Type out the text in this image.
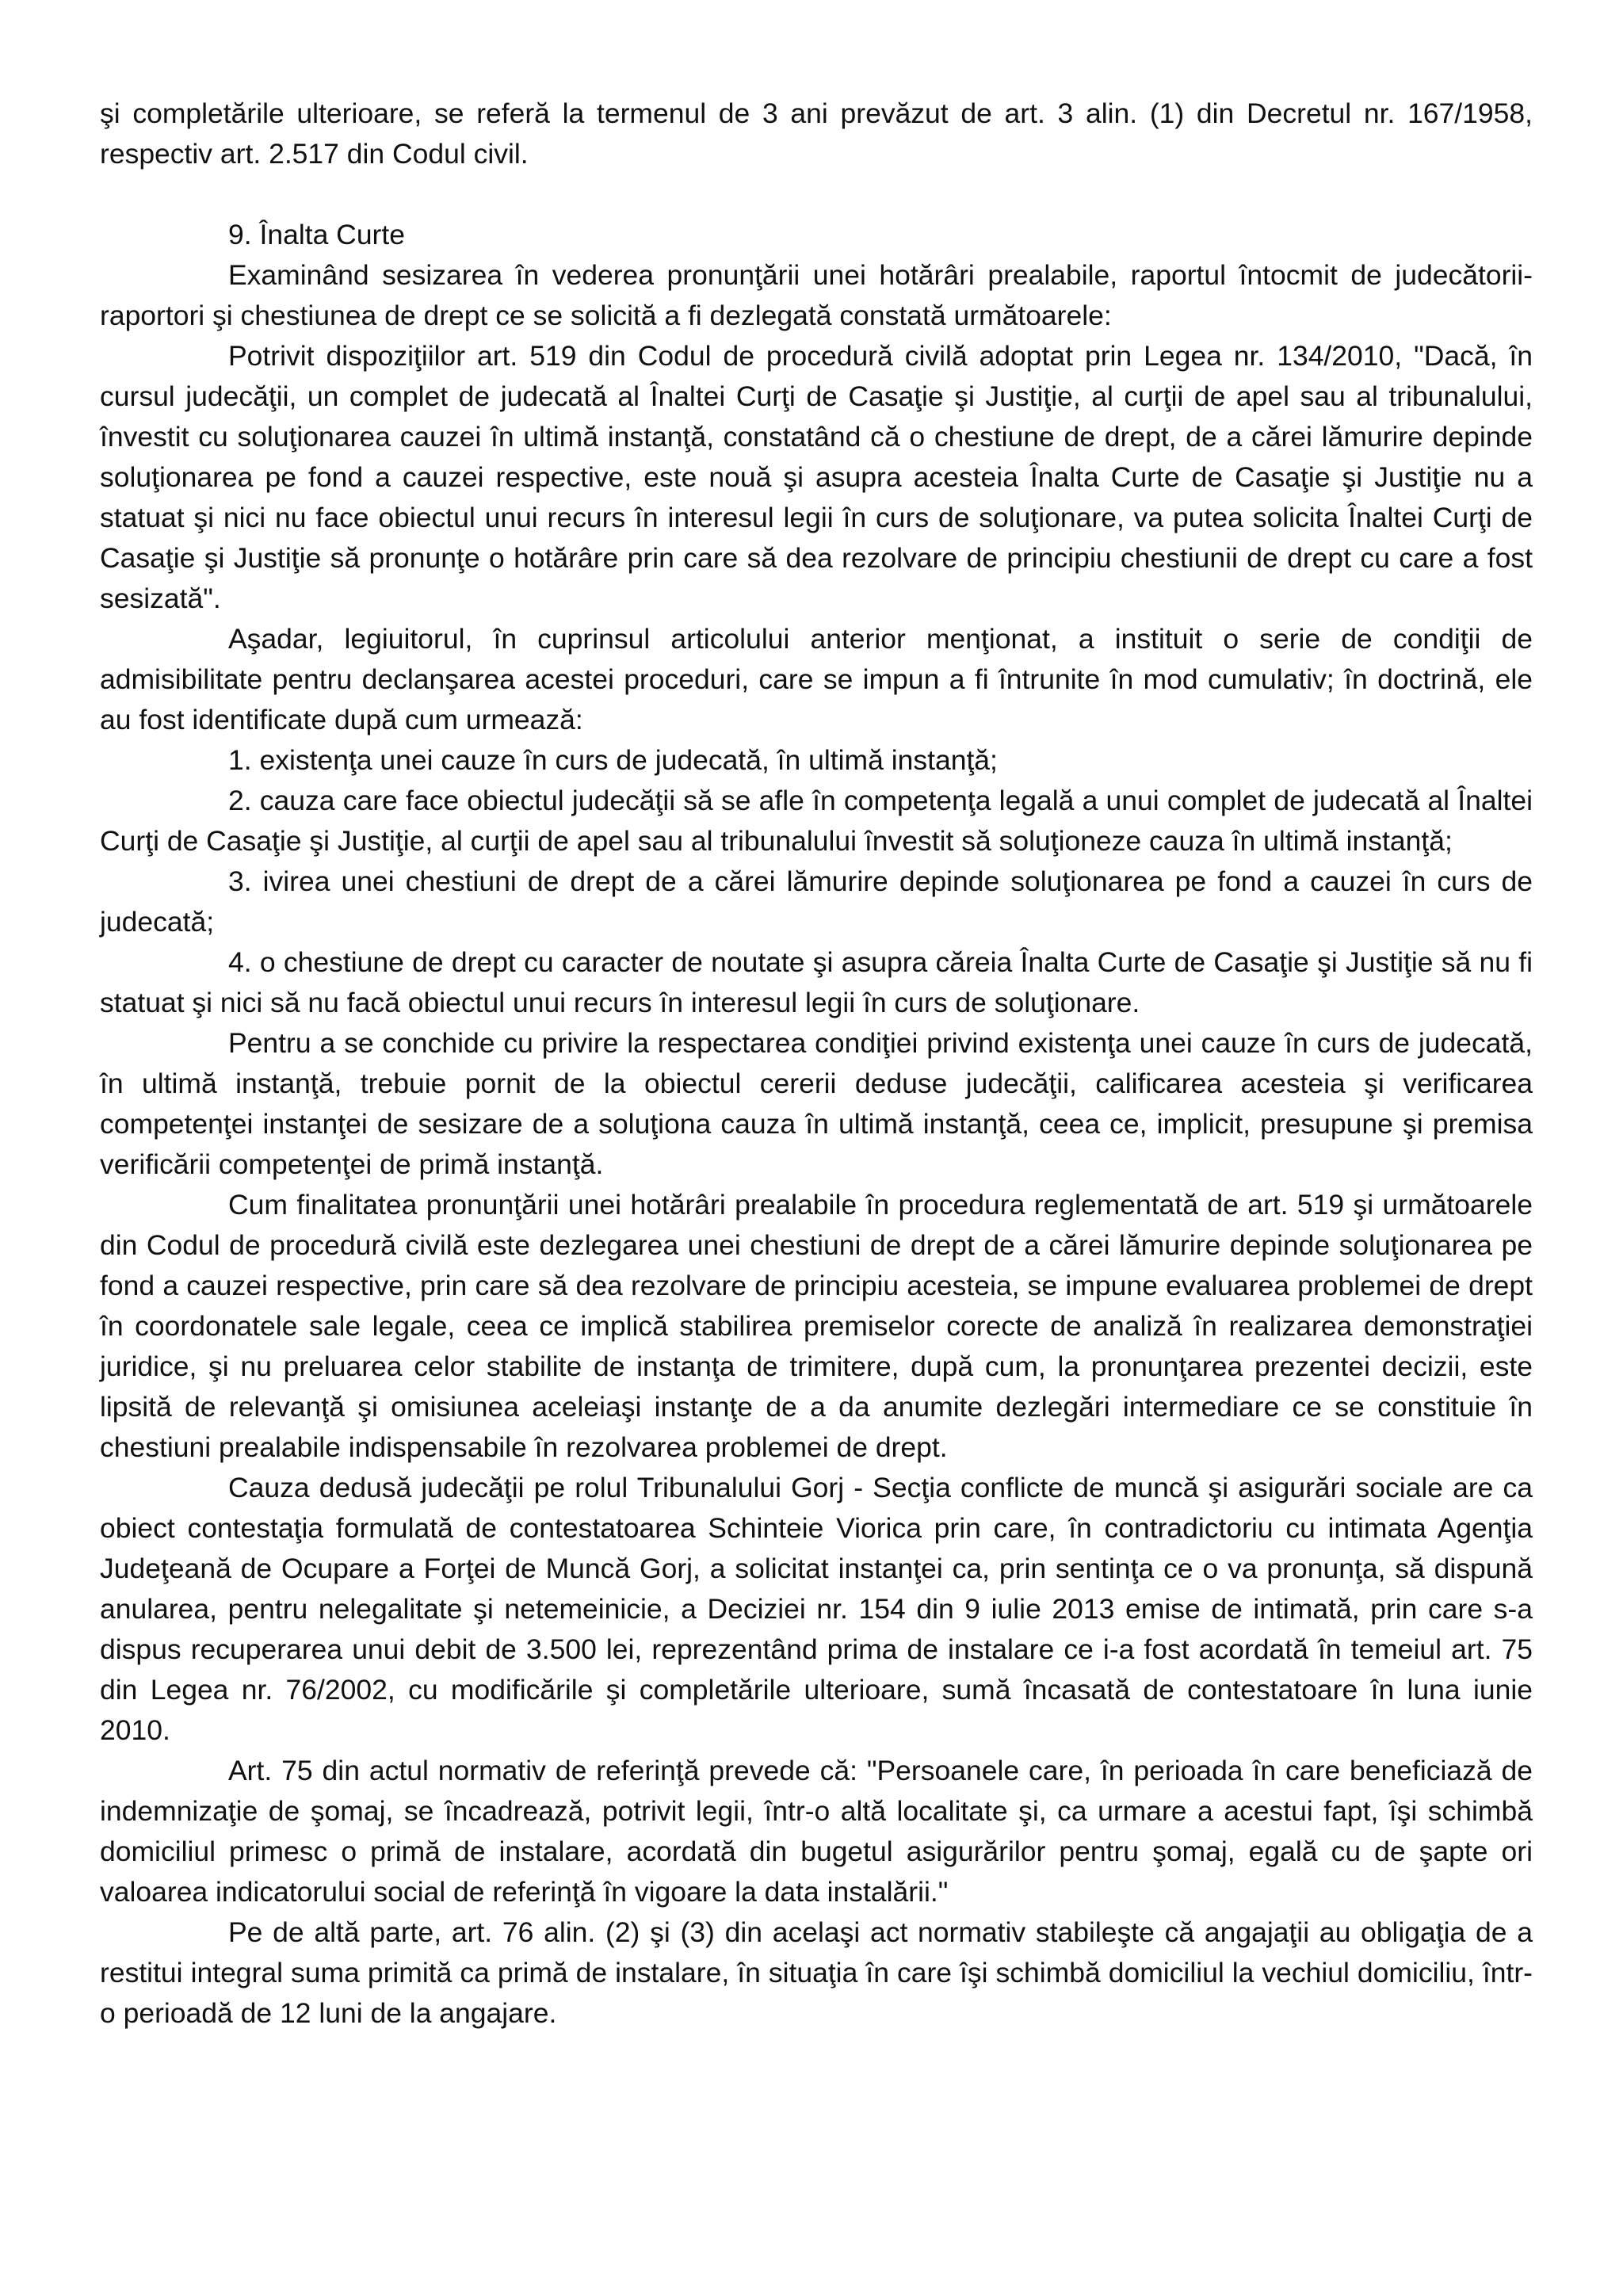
şi completările ulterioare, se referă la termenul de 3 ani prevăzut de art. 3 alin. (1) din Decretul nr. 167/1958, respectiv art. 2.517 din Codul civil.

9. Înalta Curte

Examinând sesizarea în vederea pronunţării unei hotărâri prealabile, raportul întocmit de judecătorii-raportori şi chestiunea de drept ce se solicită a fi dezlegată constată următoarele:

Potrivit dispoziţiilor art. 519 din Codul de procedură civilă adoptat prin Legea nr. 134/2010, "Dacă, în cursul judecăţii, un complet de judecată al Înaltei Curţi de Casaţie şi Justiţie, al curţii de apel sau al tribunalului, învestit cu soluţionarea cauzei în ultimă instanţă, constatând că o chestiune de drept, de a cărei lămurire depinde soluţionarea pe fond a cauzei respective, este nouă şi asupra acesteia Înalta Curte de Casaţie şi Justiţie nu a statuat şi nici nu face obiectul unui recurs în interesul legii în curs de soluţionare, va putea solicita Înaltei Curţi de Casaţie şi Justiţie să pronunţe o hotărâre prin care să dea rezolvare de principiu chestiunii de drept cu care a fost sesizată".

Aşadar, legiuitorul, în cuprinsul articolului anterior menţionat, a instituit o serie de condiţii de admisibilitate pentru declanşarea acestei proceduri, care se impun a fi întrunite în mod cumulativ; în doctrină, ele au fost identificate după cum urmează:

1. existenţa unei cauze în curs de judecată, în ultimă instanţă;

2. cauza care face obiectul judecăţii să se afle în competenţa legală a unui complet de judecată al Înaltei Curţi de Casaţie şi Justiţie, al curţii de apel sau al tribunalului învestit să soluţioneze cauza în ultimă instanţă;

3. ivirea unei chestiuni de drept de a cărei lămurire depinde soluţionarea pe fond a cauzei în curs de judecată;

4. o chestiune de drept cu caracter de noutate şi asupra căreia Înalta Curte de Casaţie şi Justiţie să nu fi statuat şi nici să nu facă obiectul unui recurs în interesul legii în curs de soluţionare.

Pentru a se conchide cu privire la respectarea condiţiei privind existenţa unei cauze în curs de judecată, în ultimă instanţă, trebuie pornit de la obiectul cererii deduse judecăţii, calificarea acesteia şi verificarea competenţei instanţei de sesizare de a soluţiona cauza în ultimă instanţă, ceea ce, implicit, presupune şi premisa verificării competenţei de primă instanţă.

Cum finalitatea pronunţării unei hotărâri prealabile în procedura reglementată de art. 519 şi următoarele din Codul de procedură civilă este dezlegarea unei chestiuni de drept de a cărei lămurire depinde soluţionarea pe fond a cauzei respective, prin care să dea rezolvare de principiu acesteia, se impune evaluarea problemei de drept în coordonatele sale legale, ceea ce implică stabilirea premiselor corecte de analiză în realizarea demonstraţiei juridice, şi nu preluarea celor stabilite de instanţa de trimitere, după cum, la pronunţarea prezentei decizii, este lipsită de relevanţă şi omisiunea aceleiaşi instanţe de a da anumite dezlegări intermediare ce se constituie în chestiuni prealabile indispensabile în rezolvarea problemei de drept.

Cauza dedusă judecăţii pe rolul Tribunalului Gorj - Secţia conflicte de muncă şi asigurări sociale are ca obiect contestaţia formulată de contestatoarea Schinteie Viorica prin care, în contradictoriu cu intimata Agenţia Judeţeană de Ocupare a Forţei de Muncă Gorj, a solicitat instanţei ca, prin sentinţa ce o va pronunţa, să dispună anularea, pentru nelegalitate şi netemeinicie, a Deciziei nr. 154 din 9 iulie 2013 emise de intimată, prin care s-a dispus recuperarea unui debit de 3.500 lei, reprezentând prima de instalare ce i-a fost acordată în temeiul art. 75 din Legea nr. 76/2002, cu modificările şi completările ulterioare, sumă încasată de contestatoare în luna iunie 2010.

Art. 75 din actul normativ de referinţă prevede că: "Persoanele care, în perioada în care beneficiază de indemnizaţie de şomaj, se încadrează, potrivit legii, într-o altă localitate şi, ca urmare a acestui fapt, îşi schimbă domiciliul primesc o primă de instalare, acordată din bugetul asigurărilor pentru şomaj, egală cu de şapte ori valoarea indicatorului social de referinţă în vigoare la data instalării."

Pe de altă parte, art. 76 alin. (2) şi (3) din acelaşi act normativ stabileşte că angajaţii au obligaţia de a restitui integral suma primită ca primă de instalare, în situaţia în care îşi schimbă domiciliul la vechiul domiciliu, într-o perioadă de 12 luni de la angajare.
